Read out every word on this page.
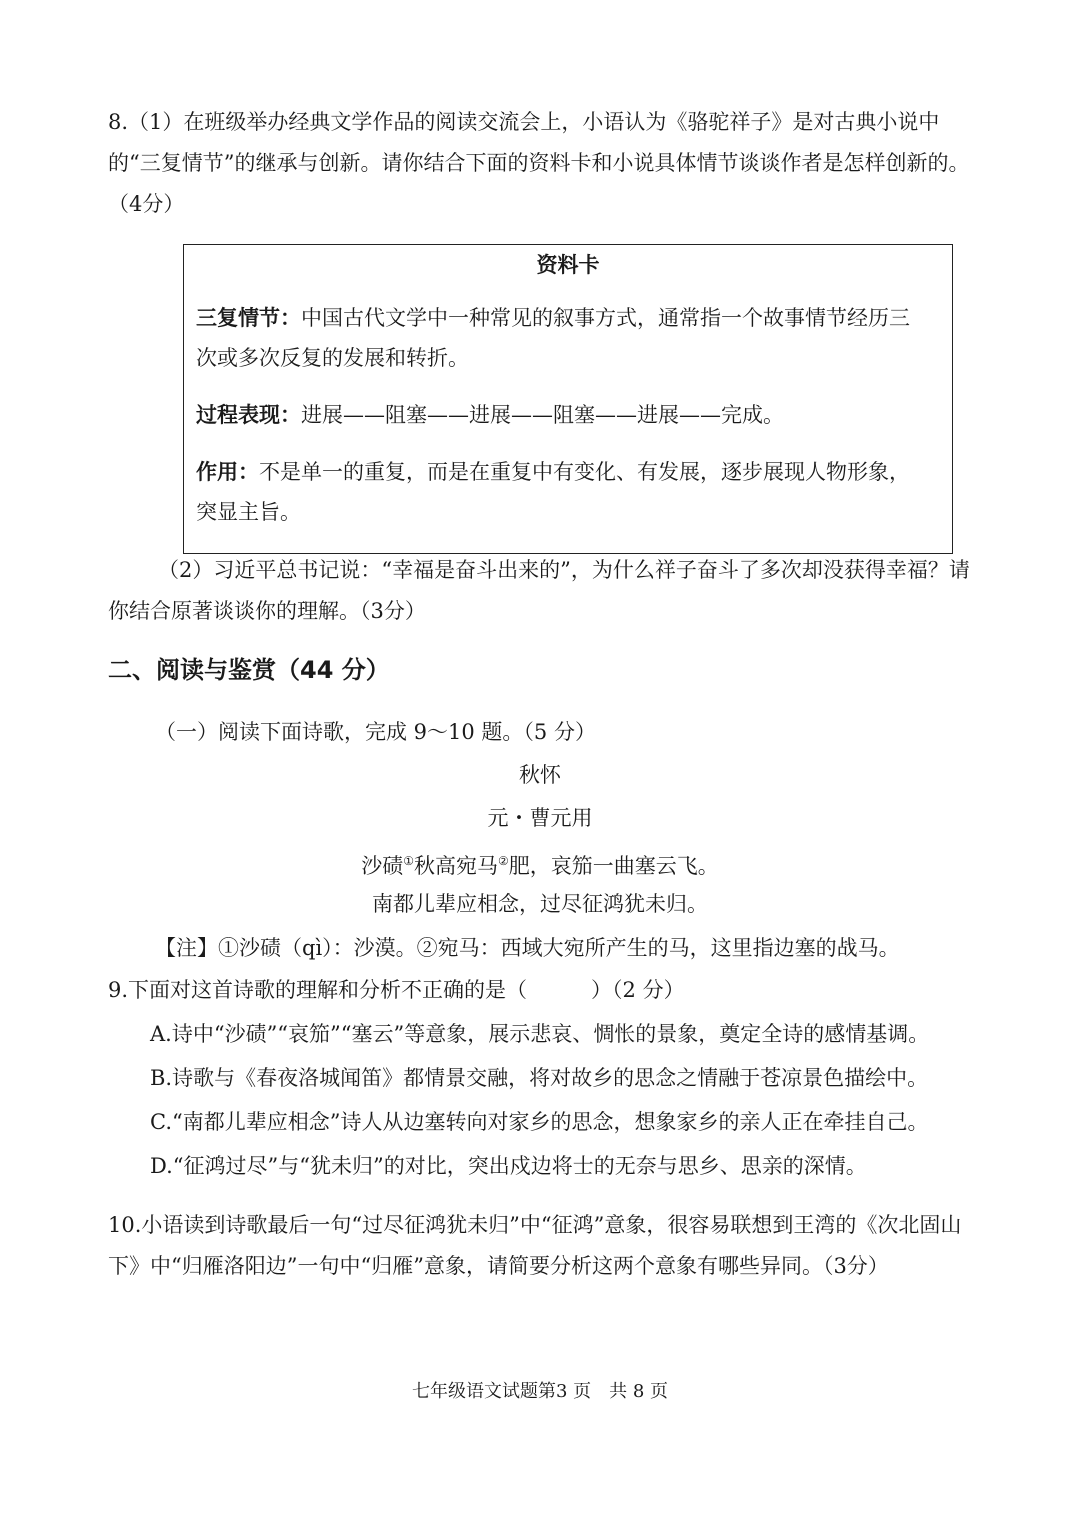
8.（1）在班级举办经典文学作品的阅读交流会上，小语认为《骆驼祥子》是对古典小说中的“三复情节”的继承与创新。请你结合下面的资料卡和小说具体情节谈谈作者是怎样创新的。（4分）
资料卡
三复情节：中国古代文学中一种常见的叙事方式，通常指一个故事情节经历三
次或多次反复的发展和转折。
过程表现：进展——阻塞——进展——阻塞——进展——完成。
作用：不是单一的重复，而是在重复中有变化、有发展，逐步展现人物形象，
突显主旨。
（2）习近平总书记说：“幸福是奋斗出来的”，为什么祥子奋斗了多次却没获得幸福？请你结合原著谈谈你的理解。（3分）
二、阅读与鉴赏（44 分）
（一）阅读下面诗歌，完成 9～10 题。（5 分）
秋怀
元・曹元用
沙碛①秋高宛马②肥，哀笳一曲塞云飞。
南都儿辈应相念，过尽征鸿犹未归。
【注】①沙碛（qì）：沙漠。②宛马：西域大宛所产生的马，这里指边塞的战马。
9.下面对这首诗歌的理解和分析不正确的是（	）（2 分）
A.诗中“沙碛”“哀笳”“塞云”等意象，展示悲哀、惆怅的景象，奠定全诗的感情基调。
B.诗歌与《春夜洛城闻笛》都情景交融，将对故乡的思念之情融于苍凉景色描绘中。
C.“南都儿辈应相念”诗人从边塞转向对家乡的思念，想象家乡的亲人正在牵挂自己。
D.“征鸿过尽”与“犹未归”的对比，突出戍边将士的无奈与思乡、思亲的深情。
10.小语读到诗歌最后一句“过尽征鸿犹未归”中“征鸿”意象，很容易联想到王湾的《次北固山下》中“归雁洛阳边”一句中“归雁”意象，请简要分析这两个意象有哪些异同。（3分）
七年级语文试题第3 页　共 8 页
